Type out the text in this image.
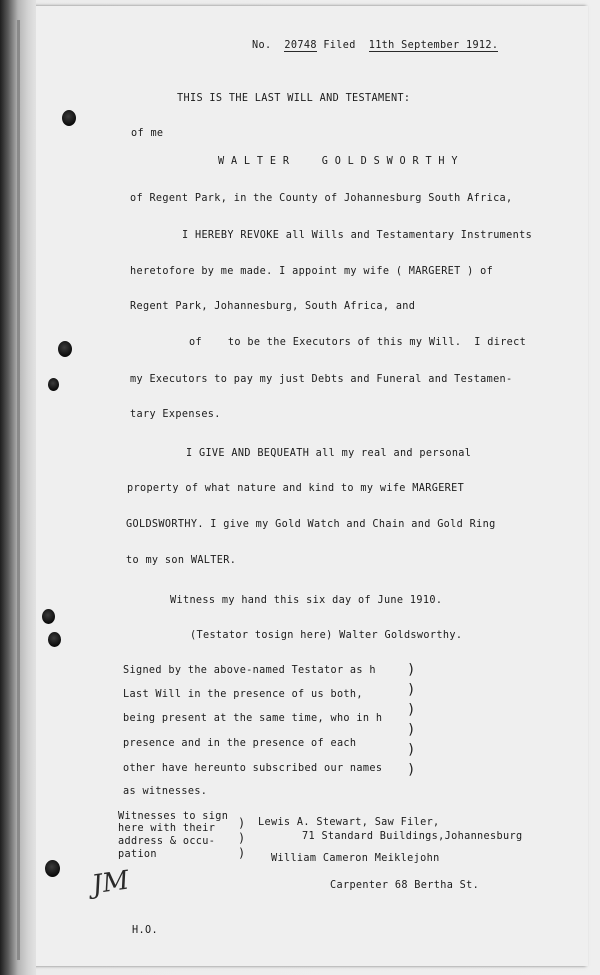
No. 20748 Filed 11th September 1912.
THIS IS THE LAST WILL AND TESTAMENT:
of me
W A L T E R     G O L D S W O R T H Y
of Regent Park, in the County of Johannesburg South Africa,
I HEREBY REVOKE all Wills and Testamentary Instruments
heretofore by me made. I appoint my wife ( MARGERET ) of
Regent Park, Johannesburg, South Africa, and
of    to be the Executors of this my Will.  I direct
my Executors to pay my just Debts and Funeral and Testamen-
tary Expenses.
I GIVE AND BEQUEATH all my real and personal
property of what nature and kind to my wife MARGERET
GOLDSWORTHY. I give my Gold Watch and Chain and Gold Ring
to my son WALTER.
Witness my hand this six day of June 1910.
(Testator tosign here) Walter Goldsworthy.
Signed by the above-named Testator as h
Last Will in the presence of us both,
being present at the same time, who in h
presence and in the presence of each
other have hereunto subscribed our names
as witnesses.
)
)
)
)
)
)
Witnesses to sign
here with their
address & occu-
pation
)
)
)
Lewis A. Stewart, Saw Filer,
71 Standard Buildings,Johannesburg
William Cameron Meiklejohn
Carpenter 68 Bertha St.
JM
H.O.
